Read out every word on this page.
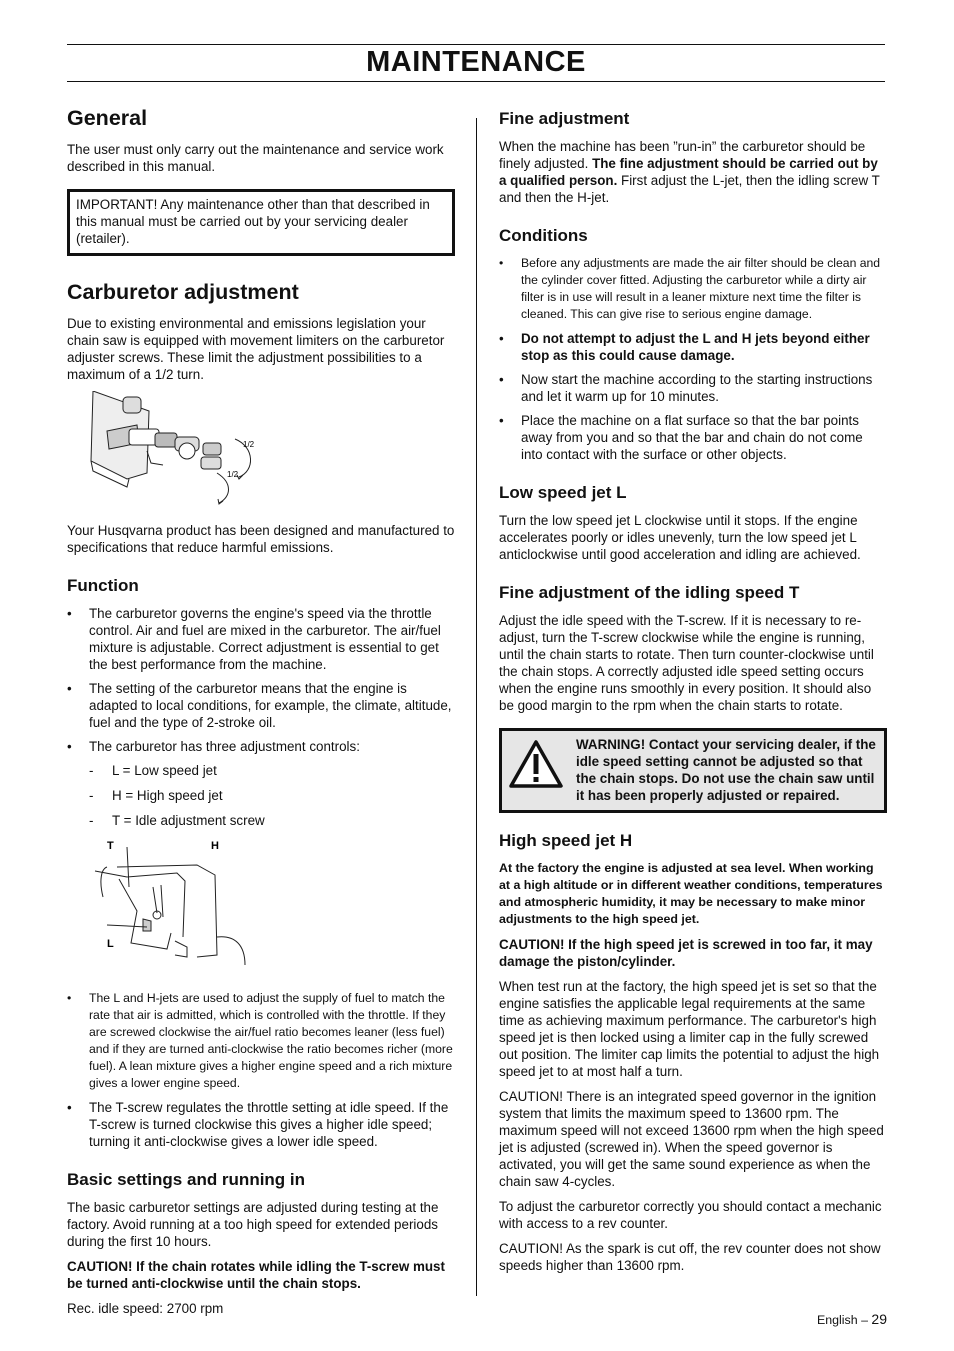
MAINTENANCE
General

The user must only carry out the maintenance and service work described in this manual.

IMPORTANT! Any maintenance other than that described in this manual must be carried out by your servicing dealer (retailer).
Carburetor adjustment

Due to existing environmental and emissions legislation your chain saw is equipped with movement limiters on the carburetor adjuster screws. These limit the adjustment possibilities to a maximum of a 1/2 turn.

1/2
1/2

Your Husqvarna product has been designed and manufactured to specifications that reduce harmful emissions.

Function
• The carburetor governs the engine's speed via the throttle control. Air and fuel are mixed in the carburetor. The air/fuel mixture is adjustable. Correct adjustment is essential to get the best performance from the machine.
• The setting of the carburetor means that the engine is adapted to local conditions, for example, the climate, altitude, fuel and the type of 2-stroke oil.
• The carburetor has three adjustment controls:
- L = Low speed jet
- H = High speed jet
- T = Idle adjustment screw
T	H
L
• The L and H-jets are used to adjust the supply of fuel to match the rate that air is admitted, which is controlled with the throttle. If they are screwed clockwise the air/fuel ratio becomes leaner (less fuel) and if they are turned anti-clockwise the ratio becomes richer (more fuel). A lean mixture gives a higher engine speed and a rich mixture gives a lower engine speed.
• The T-screw regulates the throttle setting at idle speed. If the T-screw is turned clockwise this gives a higher idle speed; turning it anti-clockwise gives a lower idle speed.
Basic settings and running in

The basic carburetor settings are adjusted during testing at the factory. Avoid running at a too high speed for extended periods during the first 10 hours.

CAUTION! If the chain rotates while idling the T-screw must be turned anti-clockwise until the chain stops.

Rec. idle speed: 2700 rpm

Fine adjustment

When the machine has been ”run-in” the carburetor should be finely adjusted. The fine adjustment should be carried out by a qualified person. First adjust the L-jet, then the idling screw T and then the H-jet.

Conditions
• Before any adjustments are made the air filter should be clean and the cylinder cover fitted. Adjusting the carburetor while a dirty air filter is in use will result in a leaner mixture next time the filter is cleaned. This can give rise to serious engine damage.
• Do not attempt to adjust the L and H jets beyond either stop as this could cause damage.
• Now start the machine according to the starting instructions and let it warm up for 10 minutes.
• Place the machine on a flat surface so that the bar points away from you and so that the bar and chain do not come into contact with the surface or other objects.
Low speed jet L

Turn the low speed jet L clockwise until it stops. If the engine accelerates poorly or idles unevenly, turn the low speed jet L anticlockwise until good acceleration and idling are achieved.

Fine adjustment of the idling speed T

Adjust the idle speed with the T-screw. If it is necessary to re-adjust, turn the T-screw clockwise while the engine is running, until the chain starts to rotate. Then turn counter-clockwise until the chain stops. A correctly adjusted idle speed setting occurs when the engine runs smoothly in every position. It should also be good margin to the rpm when the chain starts to rotate.

WARNING! Contact your servicing dealer, if the idle speed setting cannot be adjusted so that the chain stops. Do not use the chain saw until it has been properly adjusted or repaired.

High speed jet H

At the factory the engine is adjusted at sea level. When working at a high altitude or in different weather conditions, temperatures and atmospheric humidity, it may be necessary to make minor adjustments to the high speed jet.

CAUTION! If the high speed jet is screwed in too far, it may damage the piston/cylinder.

When test run at the factory, the high speed jet is set so that the engine satisfies the applicable legal requirements at the same time as achieving maximum performance. The carburetor's high speed jet is then locked using a limiter cap in the fully screwed out position. The limiter cap limits the potential to adjust the high speed jet to at most half a turn.

CAUTION! There is an integrated speed governor in the ignition system that limits the maximum speed to 13600 rpm. The maximum speed will not exceed 13600 rpm when the high speed jet is adjusted (screwed in). When the speed governor is activated, you will get the same sound experience as when the chain saw 4-cycles.

To adjust the carburetor correctly you should contact a mechanic with access to a rev counter.

CAUTION! As the spark is cut off, the rev counter does not show speeds higher than 13600 rpm.

English – 29
